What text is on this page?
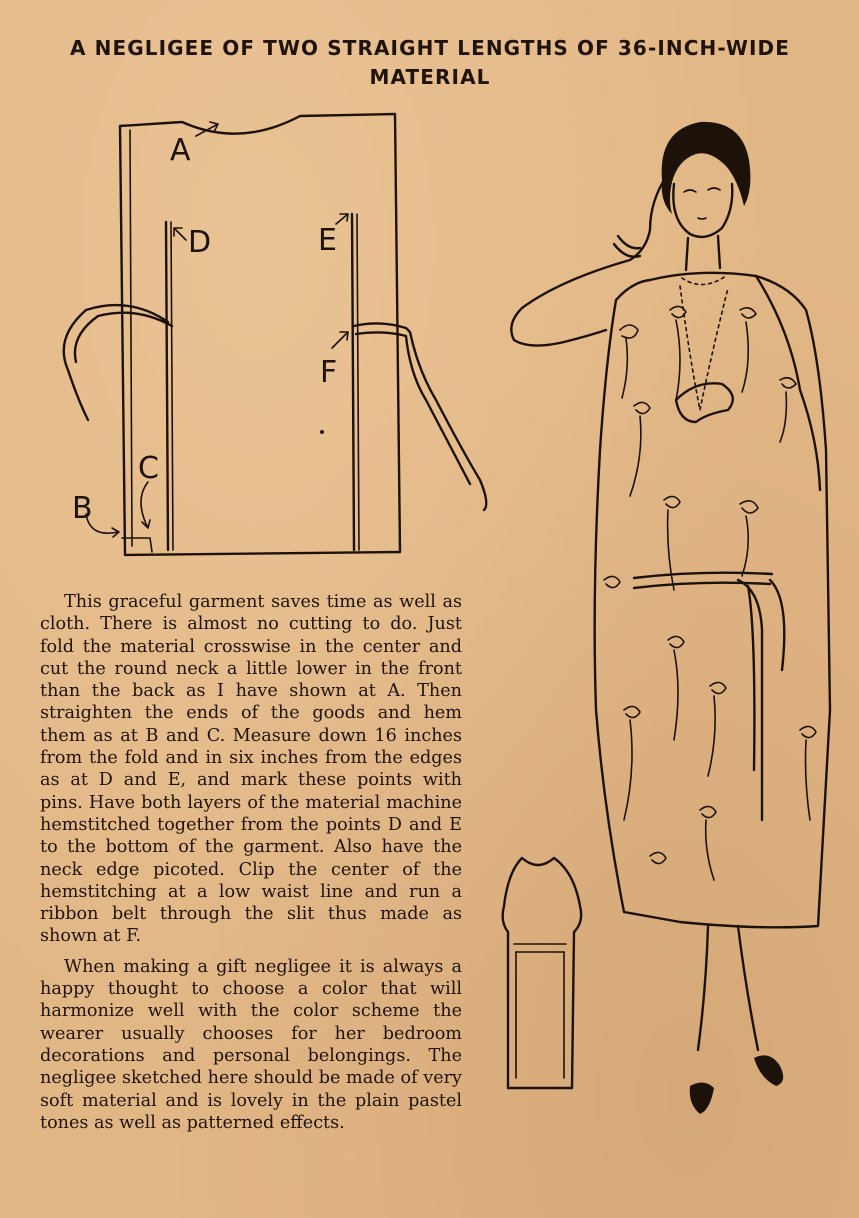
A NEGLIGEE OF TWO STRAIGHT LENGTHS OF 36-INCH-WIDE
MATERIAL
A
B
C
D	E
F

This graceful garment saves time as well as cloth. There is almost no cutting to do. Just fold the material crosswise in the center and cut the round neck a little lower in the front than the back as I have shown at A. Then straighten the ends of the goods and hem them as at B and C. Measure down 16 inches from the fold and in six inches from the edges as at D and E, and mark these points with pins. Have both layers of the material machine hemstitched together from the points D and E to the bottom of the garment. Also have the neck edge picoted. Clip the center of the hemstitching at a low waist line and run a ribbon belt through the slit thus made as shown at F.

When making a gift negligee it is always a happy thought to choose a color that will harmonize well with the color scheme the wearer usually chooses for her bedroom decorations and personal belongings. The negligee sketched here should be made of very soft material and is lovely in the plain pastel tones as well as patterned effects.
